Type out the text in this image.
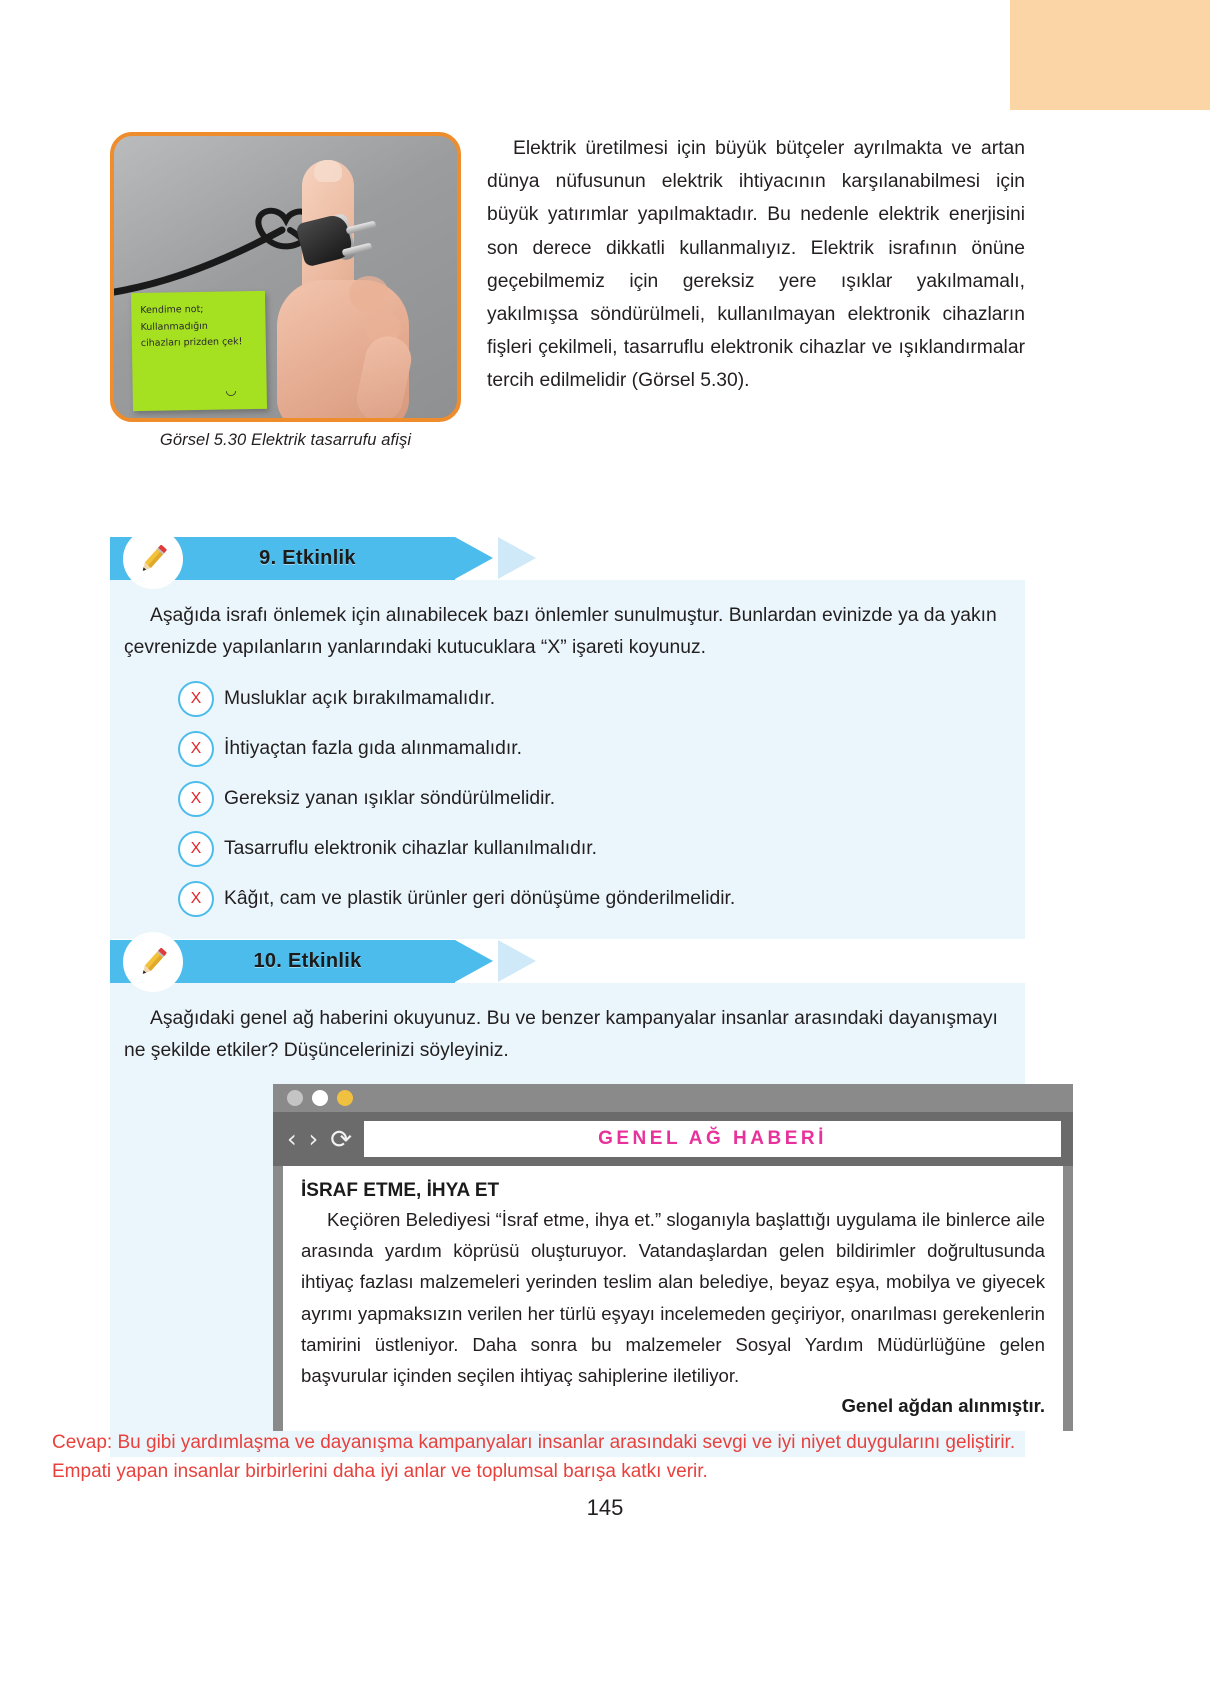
Kendime not;
Kullanmadığın
cihazları prizden çek!
◡
Görsel 5.30 Elektrik tasarrufu afişi
Elektrik üretilmesi için büyük bütçeler ayrılmakta ve artan dünya nüfusunun elektrik ihtiyacının karşılanabilmesi için büyük yatırımlar yapılmaktadır. Bu nedenle elektrik enerjisini son derece dikkatli kullanmalıyız. Elektrik israfının önüne geçebilmemiz için gereksiz yere ışıklar yakılmamalı, yakılmışsa söndürülmeli, kullanılmayan elektronik cihazların fişleri çekilmeli, tasarruflu elektronik cihazlar ve ışıklandırmalar tercih edilmelidir (Görsel 5.30).
9. Etkinlik
Aşağıda israfı önlemek için alınabilecek bazı önlemler sunulmuştur. Bunlardan evinizde ya da yakın çevrenizde yapılanların yanlarındaki kutucuklara “X” işareti koyunuz.
X	Musluklar açık bırakılmamalıdır.
X	İhtiyaçtan fazla gıda alınmamalıdır.
X	Gereksiz yanan ışıklar söndürülmelidir.
X	Tasarruflu elektronik cihazlar kullanılmalıdır.
X	Kâğıt, cam ve plastik ürünler geri dönüşüme gönderilmelidir.
10. Etkinlik
Aşağıdaki genel ağ haberini okuyunuz. Bu ve benzer kampanyalar insanlar arasındaki dayanışmayı ne şekilde etkiler? Düşüncelerinizi söyleyiniz.
‹ › ⟳	GENEL AĞ HABERİ
İSRAF ETME, İHYA ET

Keçiören Belediyesi “İsraf etme, ihya et.” sloganıyla başlattığı uygulama ile binlerce aile arasında yardım köprüsü oluşturuyor. Vatandaşlardan gelen bildirimler doğrultusunda ihtiyaç fazlası malzemeleri yerinden teslim alan belediye, beyaz eşya, mobilya ve giyecek ayrımı yapmaksızın verilen her türlü eşyayı incelemeden geçiriyor, onarılması gerekenlerin tamirini üstleniyor. Daha sonra bu malzemeler Sosyal Yardım Müdürlüğüne gelen başvurular içinden seçilen ihtiyaç sahiplerine iletiliyor.

Genel ağdan alınmıştır.
Cevap: Bu gibi yardımlaşma ve dayanışma kampanyaları insanlar arasındaki sevgi ve iyi niyet duygularını geliştirir.
Empati yapan insanlar birbirlerini daha iyi anlar ve toplumsal barışa katkı verir.
145
